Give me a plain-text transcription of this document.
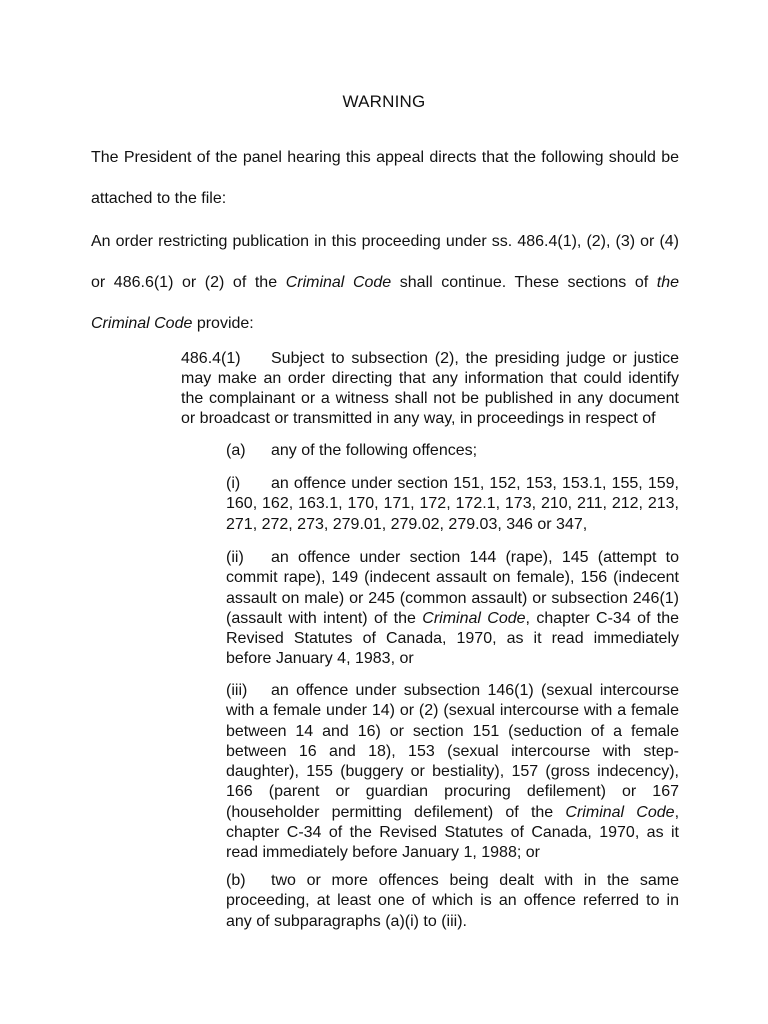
WARNING
The President of the panel hearing this appeal directs that the following should be attached to the file:
An order restricting publication in this proceeding under ss. 486.4(1), (2), (3) or (4) or 486.6(1) or (2) of the Criminal Code shall continue. These sections of the Criminal Code provide:
486.4(1) Subject to subsection (2), the presiding judge or justice may make an order directing that any information that could identify the complainant or a witness shall not be published in any document or broadcast or transmitted in any way, in proceedings in respect of
(a) any of the following offences;
(i) an offence under section 151, 152, 153, 153.1, 155, 159, 160, 162, 163.1, 170, 171, 172, 172.1, 173, 210, 211, 212, 213, 271, 272, 273, 279.01, 279.02, 279.03, 346 or 347,
(ii) an offence under section 144 (rape), 145 (attempt to commit rape), 149 (indecent assault on female), 156 (indecent assault on male) or 245 (common assault) or subsection 246(1) (assault with intent) of the Criminal Code, chapter C-34 of the Revised Statutes of Canada, 1970, as it read immediately before January 4, 1983, or
(iii) an offence under subsection 146(1) (sexual intercourse with a female under 14) or (2) (sexual intercourse with a female between 14 and 16) or section 151 (seduction of a female between 16 and 18), 153 (sexual intercourse with step-daughter), 155 (buggery or bestiality), 157 (gross indecency), 166 (parent or guardian procuring defilement) or 167 (householder permitting defilement) of the Criminal Code, chapter C-34 of the Revised Statutes of Canada, 1970, as it read immediately before January 1, 1988; or
(b) two or more offences being dealt with in the same proceeding, at least one of which is an offence referred to in any of subparagraphs (a)(i) to (iii).
